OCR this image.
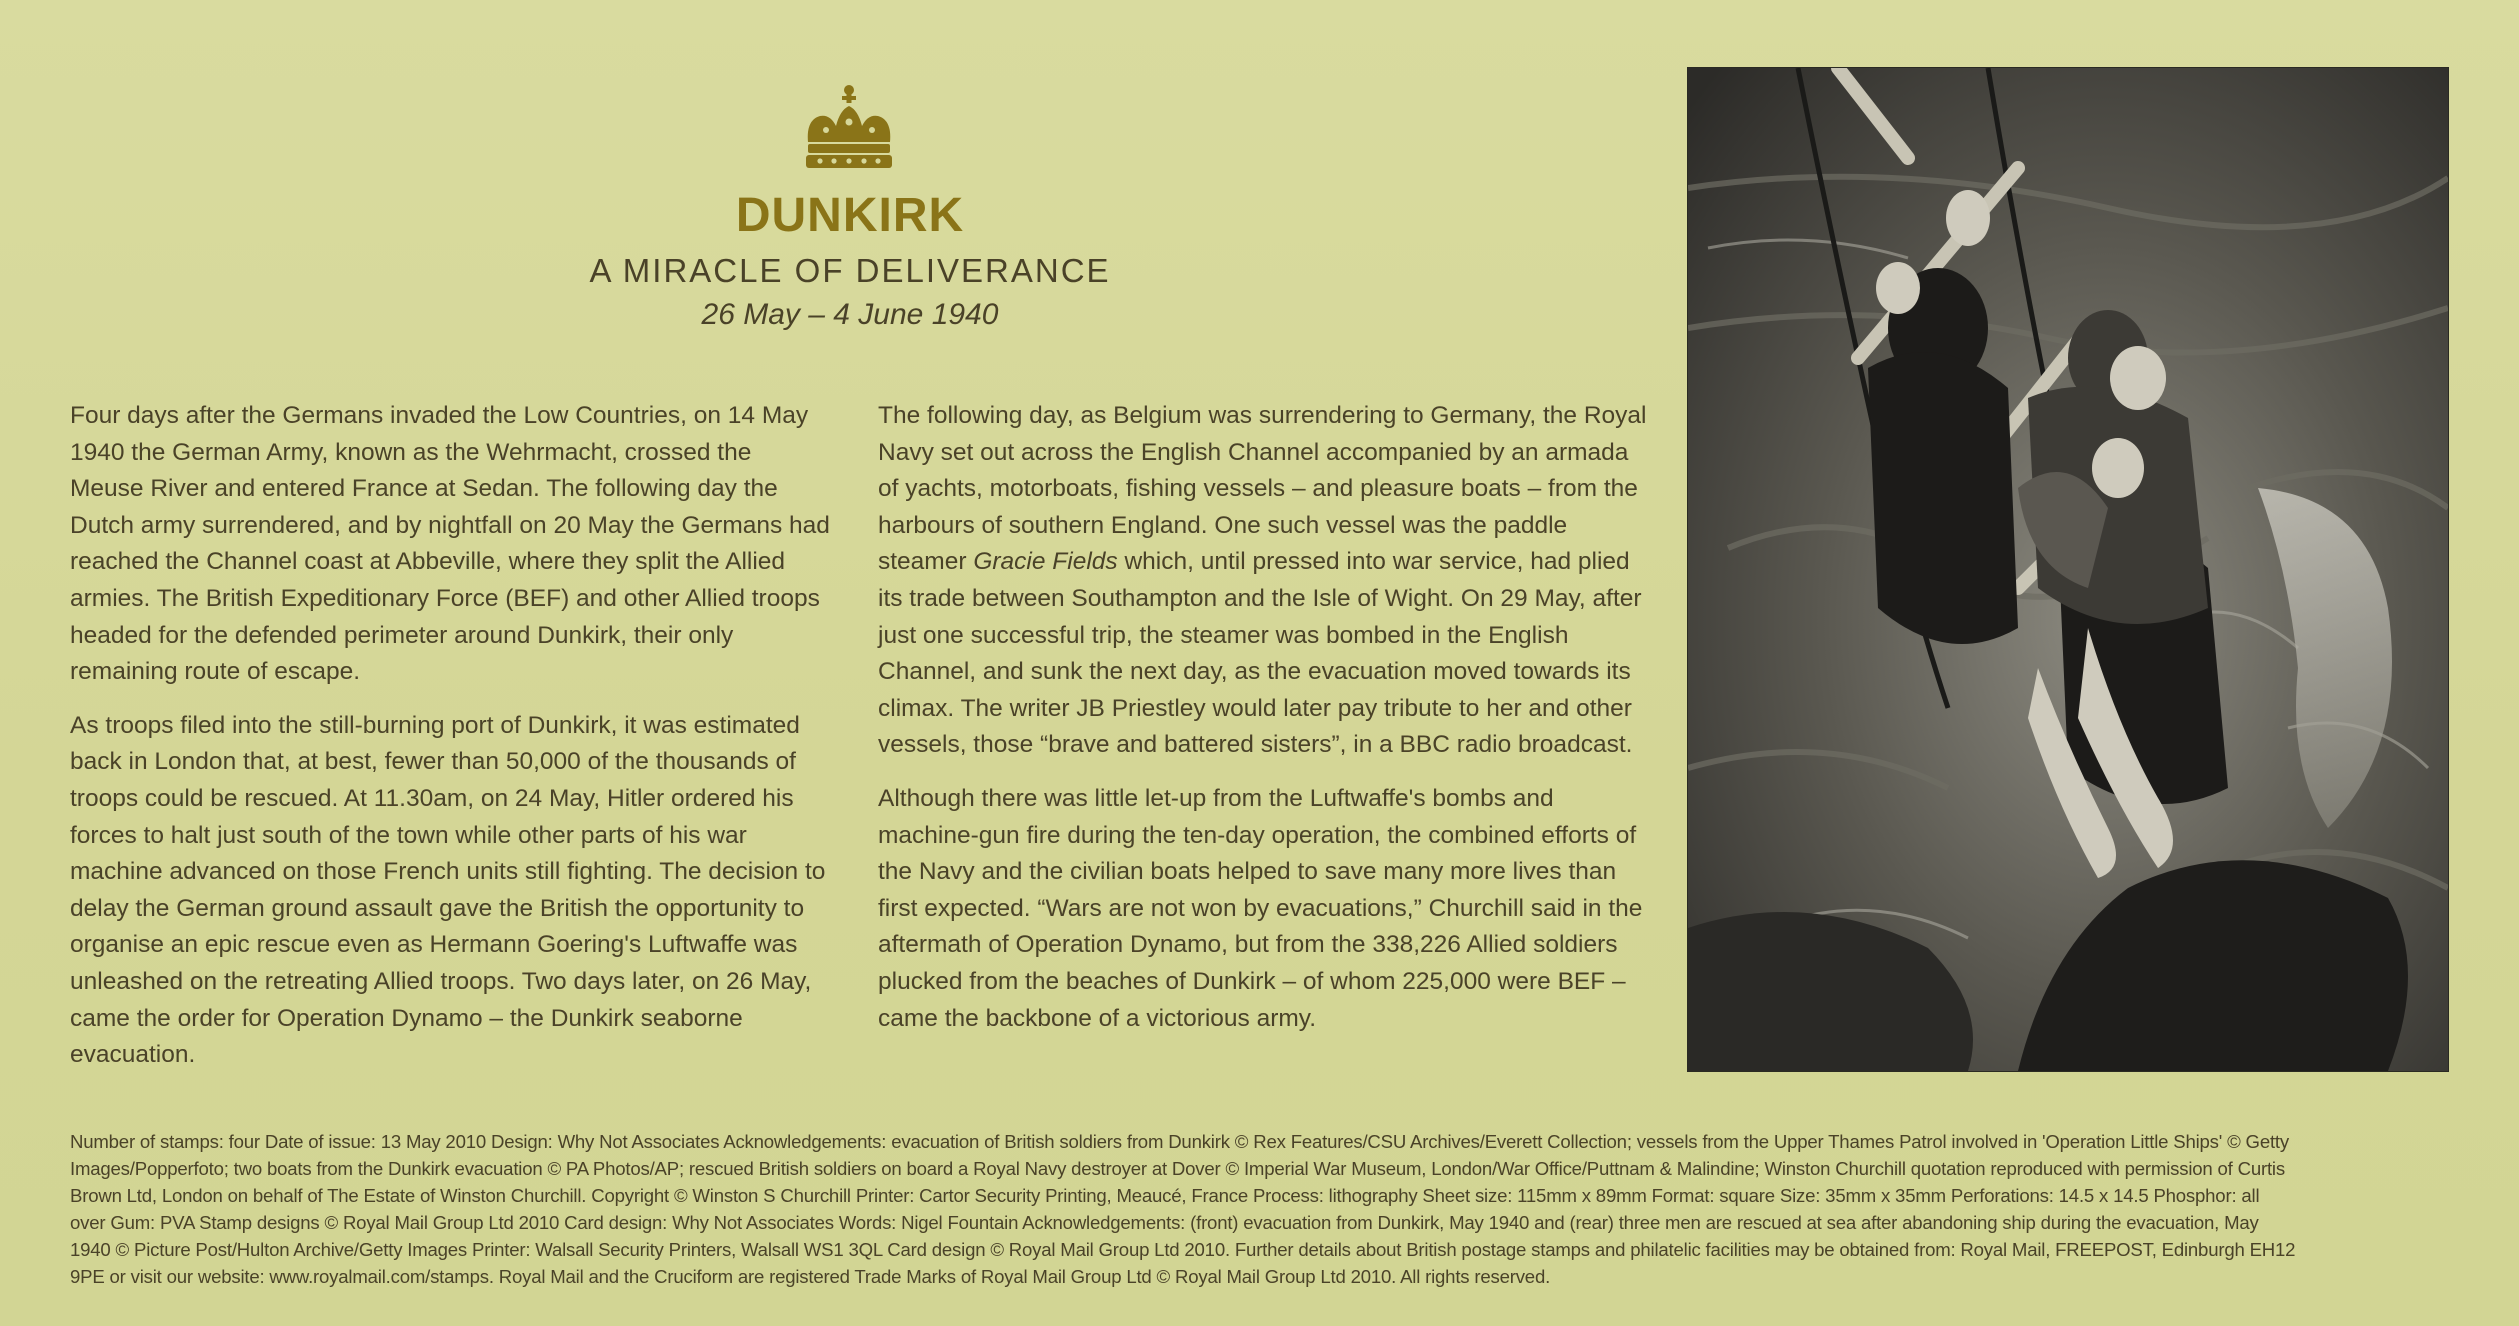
DUNKIRK
A MIRACLE OF DELIVERANCE
26 May – 4 June 1940

Four days after the Germans invaded the Low Countries, on 14 May 1940 the German Army, known as the Wehrmacht, crossed the Meuse River and entered France at Sedan. The following day the Dutch army surrendered, and by nightfall on 20 May the Germans had reached the Channel coast at Abbeville, where they split the Allied armies. The British Expeditionary Force (BEF) and other Allied troops headed for the defended perimeter around Dunkirk, their only remaining route of escape.

As troops filed into the still-burning port of Dunkirk, it was estimated back in London that, at best, fewer than 50,000 of the thousands of troops could be rescued. At 11.30am, on 24 May, Hitler ordered his forces to halt just south of the town while other parts of his war machine advanced on those French units still fighting. The decision to delay the German ground assault gave the British the opportunity to organise an epic rescue even as Hermann Goering's Luftwaffe was unleashed on the retreating Allied troops. Two days later, on 26 May, came the order for Operation Dynamo – the Dunkirk seaborne evacuation.

The following day, as Belgium was surrendering to Germany, the Royal Navy set out across the English Channel accompanied by an armada of yachts, motorboats, fishing vessels – and pleasure boats – from the harbours of southern England. One such vessel was the paddle steamer Gracie Fields which, until pressed into war service, had plied its trade between Southampton and the Isle of Wight. On 29 May, after just one successful trip, the steamer was bombed in the English Channel, and sunk the next day, as the evacuation moved towards its climax. The writer JB Priestley would later pay tribute to her and other vessels, those “brave and battered sisters”, in a BBC radio broadcast.

Although there was little let-up from the Luftwaffe's bombs and machine-gun fire during the ten-day operation, the combined efforts of the Navy and the civilian boats helped to save many more lives than first expected. “Wars are not won by evacuations,” Churchill said in the aftermath of Operation Dynamo, but from the 338,226 Allied soldiers plucked from the beaches of Dunkirk – of whom 225,000 were BEF – came the backbone of a victorious army.

Number of stamps: four Date of issue: 13 May 2010 Design: Why Not Associates Acknowledgements: evacuation of British soldiers from Dunkirk © Rex Features/CSU Archives/Everett Collection; vessels from the Upper Thames Patrol involved in 'Operation Little Ships' © Getty
Images/Popperfoto; two boats from the Dunkirk evacuation © PA Photos/AP; rescued British soldiers on board a Royal Navy destroyer at Dover © Imperial War Museum, London/War Office/Puttnam & Malindine; Winston Churchill quotation reproduced with permission of Curtis
Brown Ltd, London on behalf of The Estate of Winston Churchill. Copyright © Winston S Churchill Printer: Cartor Security Printing, Meaucé, France Process: lithography Sheet size: 115mm x 89mm Format: square Size: 35mm x 35mm Perforations: 14.5 x 14.5 Phosphor: all
over Gum: PVA Stamp designs © Royal Mail Group Ltd 2010 Card design: Why Not Associates Words: Nigel Fountain Acknowledgements: (front) evacuation from Dunkirk, May 1940 and (rear) three men are rescued at sea after abandoning ship during the evacuation, May
1940 © Picture Post/Hulton Archive/Getty Images Printer: Walsall Security Printers, Walsall WS1 3QL Card design © Royal Mail Group Ltd 2010. Further details about British postage stamps and philatelic facilities may be obtained from: Royal Mail, FREEPOST, Edinburgh EH12
9PE or visit our website: www.royalmail.com/stamps. Royal Mail and the Cruciform are registered Trade Marks of Royal Mail Group Ltd © Royal Mail Group Ltd 2010. All rights reserved.
